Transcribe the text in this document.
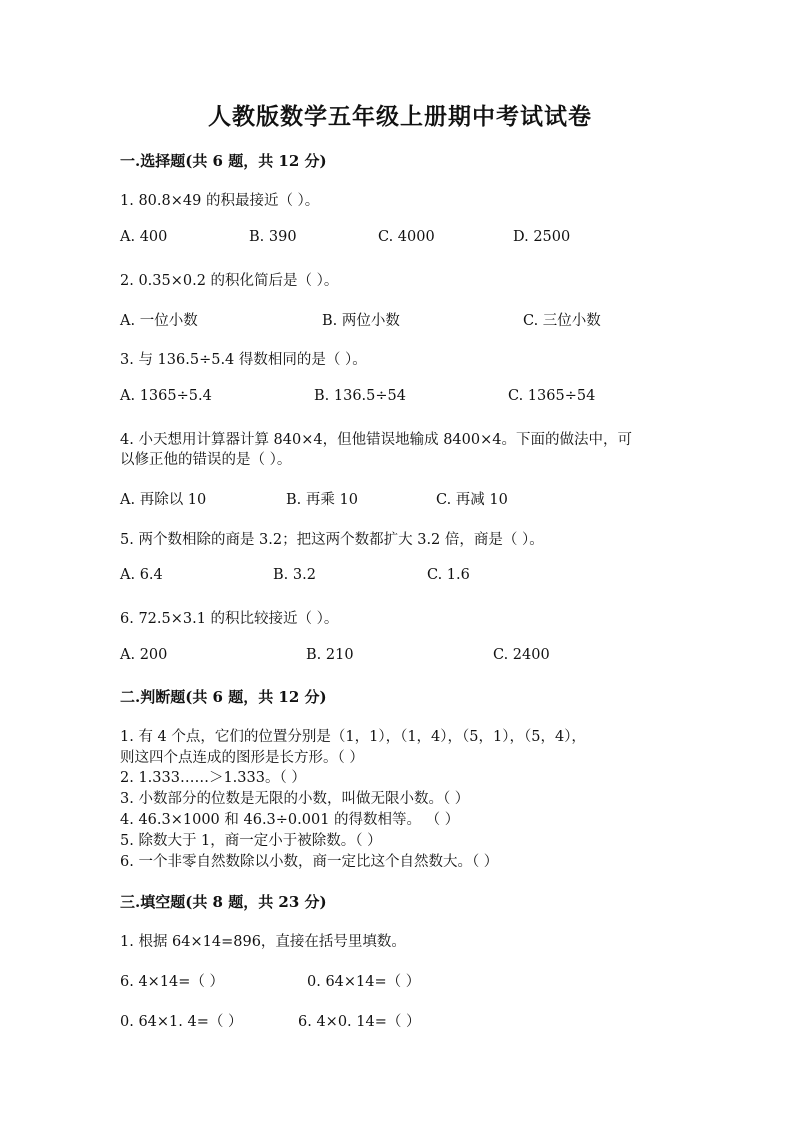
人教版数学五年级上册期中考试试卷
一.选择题(共 6 题，共 12 分)
1. 80.8×49 的积最接近（ ）。
A. 400	B. 390	C. 4000	D. 2500
2. 0.35×0.2 的积化简后是（ ）。
A. 一位小数	B. 两位小数	C. 三位小数
3. 与 136.5÷5.4 得数相同的是（ ）。
A. 1365÷5.4	B. 136.5÷54	C. 1365÷54
4. 小天想用计算器计算 840×4，但他错误地输成 8400×4。下面的做法中，可
以修正他的错误的是（ ）。
A. 再除以 10	B. 再乘 10	C. 再减 10
5. 两个数相除的商是 3.2；把这两个数都扩大 3.2 倍，商是（ ）。
A. 6.4	B. 3.2	C. 1.6
6. 72.5×3.1 的积比较接近（ ）。
A. 200	B. 210	C. 2400
二.判断题(共 6 题，共 12 分)
1. 有 4 个点，它们的位置分别是（1，1），（1，4），（5，1），（5，4），
则这四个点连成的图形是长方形。（ ）
2. 1.333……＞1.333。（ ）
3. 小数部分的位数是无限的小数，叫做无限小数。（ ）
4. 46.3×1000 和 46.3÷0.001 的得数相等。 （ ）
5. 除数大于 1，商一定小于被除数。（ ）
6. 一个非零自然数除以小数，商一定比这个自然数大。（ ）
三.填空题(共 8 题，共 23 分)
1. 根据 64×14=896，直接在括号里填数。
6. 4×14=（ ）	0. 64×14=（ ）
0. 64×1. 4=（ ）	6. 4×0. 14=（ ）
